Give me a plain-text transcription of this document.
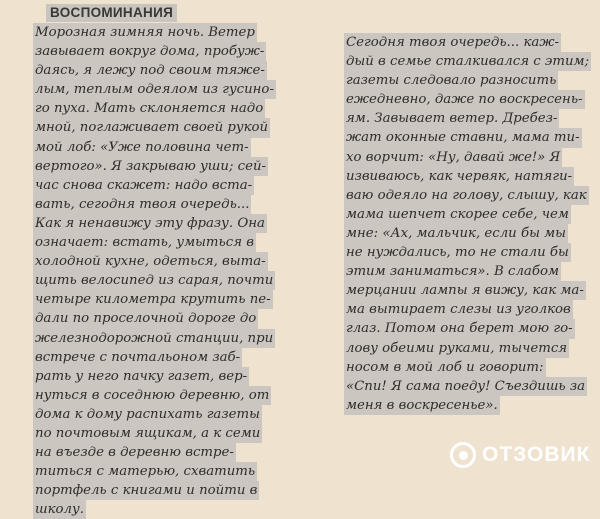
ВОСПОМИНАНИЯ
Морозная зимняя ночь. Ветер
завывает вокруг дома, пробуж-
даясь, я лежу под своим тяже-
лым, теплым одеялом из гусино-
го пуха. Мать склоняется надо
мной, поглаживает своей рукой
мой лоб: «Уже половина чет-
вертого». Я закрываю уши; сей-
час снова скажет: надо вста-
вать, сегодня твоя очередь...
Как я ненавижу эту фразу. Она
означает: встать, умыться в
холодной кухне, одеться, выта-
щить велосипед из сарая, почти
четыре километра крутить пе-
дали по проселочной дороге до
железнодорожной станции, при
встрече с почтальоном заб-
рать у него пачку газет, вер-
нуться в соседнюю деревню, от
дома к дому распихать газеты
по почтовым ящикам, а к семи
на въезде в деревню встре-
титься с матерью, схватить
портфель с книгами и пойти в
школу.
Сегодня твоя очередь... каж-
дый в семье сталкивался с этим;
газеты следовало разносить
ежедневно, даже по воскресень-
ям. Завывает ветер. Дребез-
жат оконные ставни, мама ти-
хо ворчит: «Ну, давай же!» Я
извиваюсь, как червяк, натяги-
ваю одеяло на голову, слышу, как
мама шепчет скорее себе, чем
мне: «Ах, мальчик, если бы мы
не нуждались, то не стали бы
этим заниматься». В слабом
мерцании лампы я вижу, как ма-
ма вытирает слезы из уголков
глаз. Потом она берет мою го-
лову обеими руками, тычется
носом в мой лоб и говорит:
«Спи! Я сама поеду! Съездишь за
меня в воскресенье».
ОТЗОВИК
